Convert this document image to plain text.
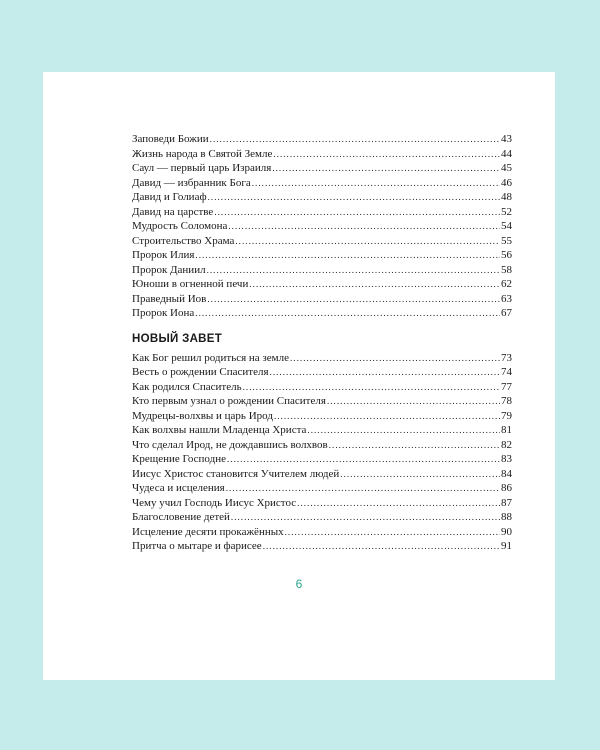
Заповеди Божии . . .	43
Жизнь народа в Святой Земле . . .	44
Саул — первый царь Израиля . . .	45
Давид — избранник Бога . . .	46
Давид и Голиаф . . .	48
Давид на царстве . . .	52
Мудрость Соломона . . .	54
Строительство Храма . . .	55
Пророк Илия . . .	56
Пророк Даниил . . .	58
Юноши в огненной печи . . .	62
Праведный Иов . . .	63
Пророк Иона . . .	67
НОВЫЙ ЗАВЕТ
Как Бог решил родиться на земле . . .	73
Весть о рождении Спасителя . . .	74
Как родился Спаситель . . .	77
Кто первым узнал о рождении Спасителя . . .	78
Мудрецы-волхвы и царь Ирод . . .	79
Как волхвы нашли Младенца Христа . . .	81
Что сделал Ирод, не дождавшись волхвов . . .	82
Крещение Господне . . .	83
Иисус Христос становится Учителем людей . . .	84
Чудеса и исцеления . . .	86
Чему учил Господь Иисус Христос . . .	87
Благословение детей . . .	88
Исцеление десяти прокажённых . . .	90
Притча о мытаре и фарисее . . .	91
6
